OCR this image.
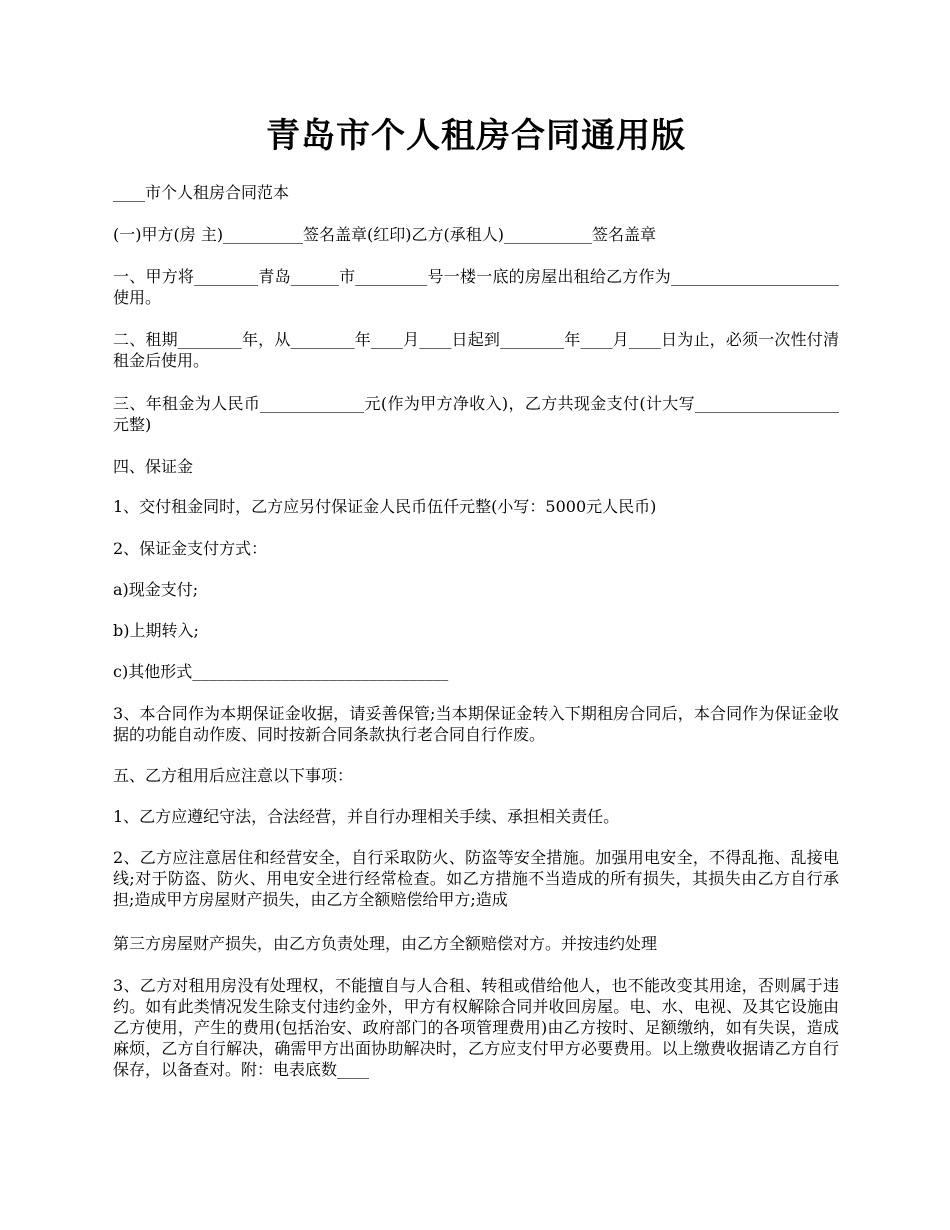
青岛市个人租房合同通用版

____市个人租房合同范本

(一)甲方(房 主)__________签名盖章(红印)乙方(承租人)___________签名盖章

一、甲方将________青岛______市_________号一楼一底的房屋出租给乙方作为_____________________使用。

二、租期________年，从________年____月____日起到________年____月____日为止，必须一次性付清租金后使用。

三、年租金为人民币_____________元(作为甲方净收入)，乙方共现金支付(计大写__________________元整)

四、保证金

1、交付租金同时，乙方应另付保证金人民币伍仟元整(小写：5000元人民币)

2、保证金支付方式：

a)现金支付;

b)上期转入;

c)其他形式________________________________

3、本合同作为本期保证金收据，请妥善保管;当本期保证金转入下期租房合同后，本合同作为保证金收据的功能自动作废、同时按新合同条款执行老合同自行作废。

五、乙方租用后应注意以下事项：

1、乙方应遵纪守法，合法经营，并自行办理相关手续、承担相关责任。

2、乙方应注意居住和经营安全，自行采取防火、防盗等安全措施。加强用电安全，不得乱拖、乱接电线;对于防盗、防火、用电安全进行经常检查。如乙方措施不当造成的所有损失，其损失由乙方自行承担;造成甲方房屋财产损失，由乙方全额赔偿给甲方;造成

第三方房屋财产损失，由乙方负责处理，由乙方全额赔偿对方。并按违约处理

3、乙方对租用房没有处理权，不能擅自与人合租、转租或借给他人，也不能改变其用途，否则属于违约。如有此类情况发生除支付违约金外，甲方有权解除合同并收回房屋。电、水、电视、及其它设施由乙方使用，产生的费用(包括治安、政府部门的各项管理费用)由乙方按时、足额缴纳，如有失误，造成麻烦，乙方自行解决，确需甲方出面协助解决时，乙方应支付甲方必要费用。以上缴费收据请乙方自行保存，以备查对。附：电表底数____
